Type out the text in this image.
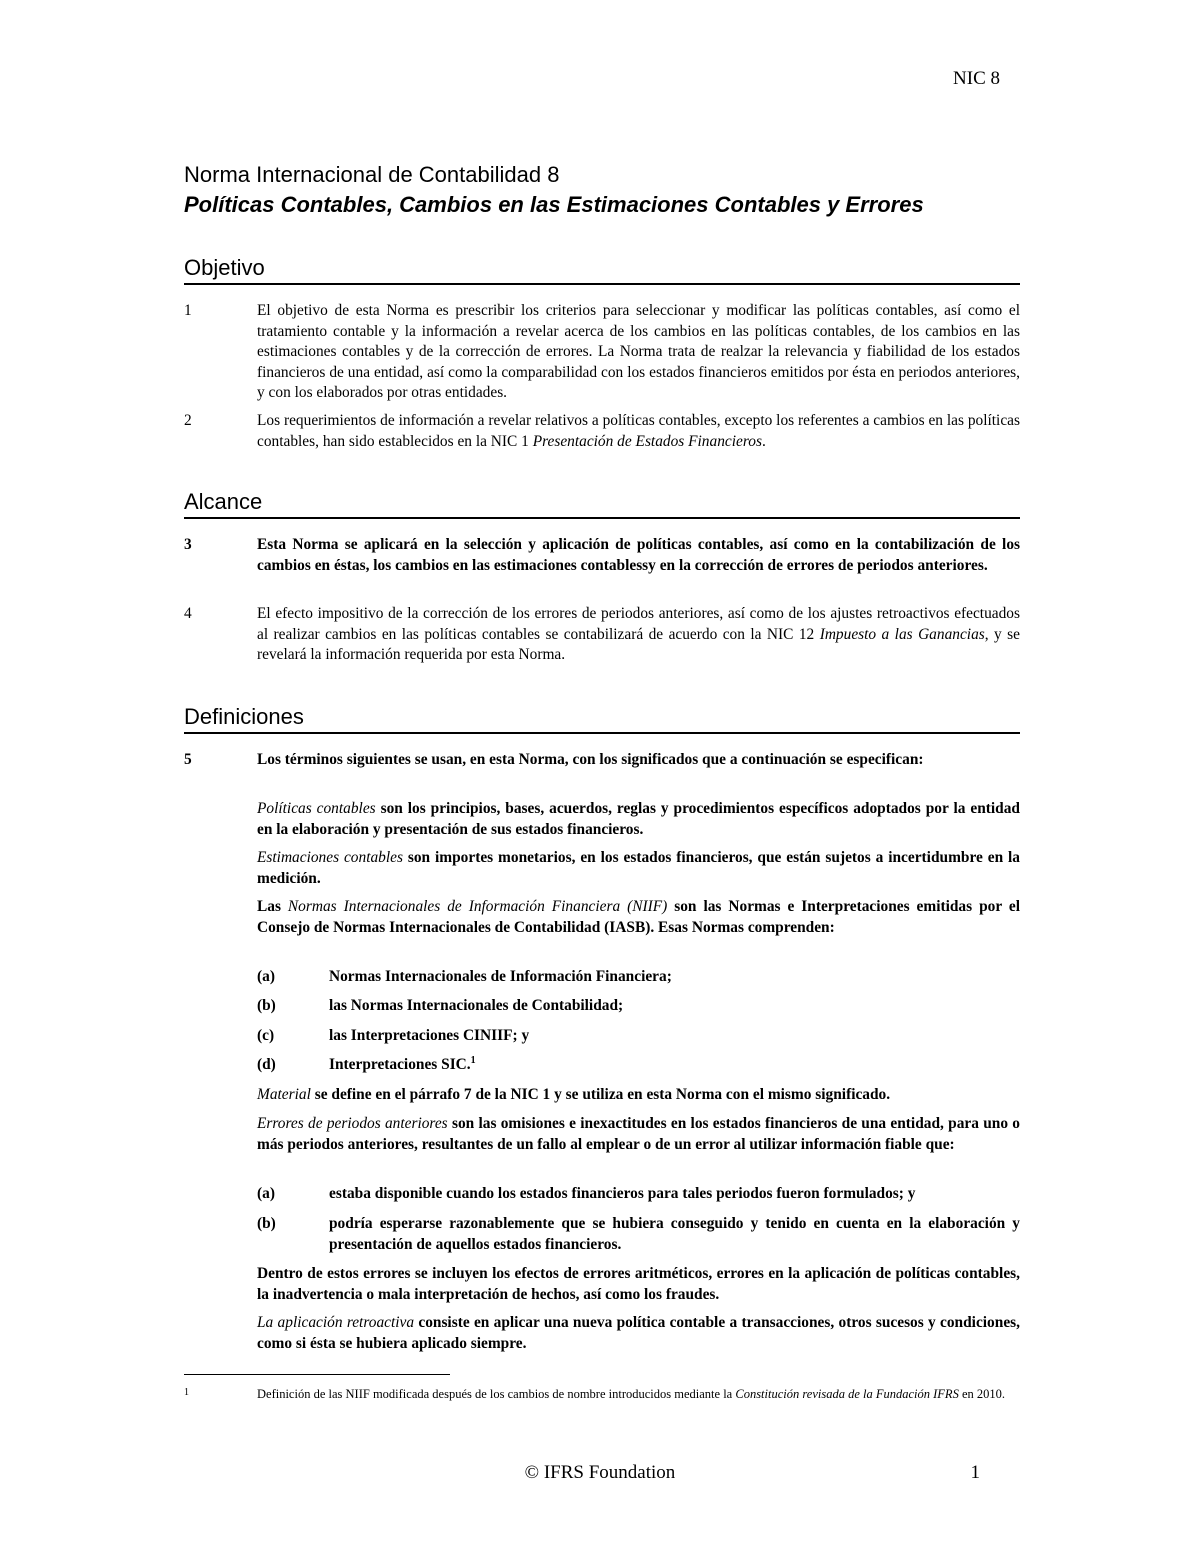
NIC 8
Norma Internacional de Contabilidad 8
Políticas Contables, Cambios en las Estimaciones Contables y Errores
Objetivo
1	El objetivo de esta Norma es prescribir los criterios para seleccionar y modificar las políticas contables, así como el tratamiento contable y la información a revelar acerca de los cambios en las políticas contables, de los cambios en las estimaciones contables y de la corrección de errores. La Norma trata de realzar la relevancia y fiabilidad de los estados financieros de una entidad, así como la comparabilidad con los estados financieros emitidos por ésta en periodos anteriores, y con los elaborados por otras entidades.
2	Los requerimientos de información a revelar relativos a políticas contables, excepto los referentes a cambios en las políticas contables, han sido establecidos en la NIC 1 Presentación de Estados Financieros.
Alcance
3	Esta Norma se aplicará en la selección y aplicación de políticas contables, así como en la contabilización de los cambios en éstas, los cambios en las estimaciones contablessy en la corrección de errores de periodos anteriores.
4	El efecto impositivo de la corrección de los errores de periodos anteriores, así como de los ajustes retroactivos efectuados al realizar cambios en las políticas contables se contabilizará de acuerdo con la NIC 12 Impuesto a las Ganancias, y se revelará la información requerida por esta Norma.
Definiciones
5	Los términos siguientes se usan, en esta Norma, con los significados que a continuación se especifican:
Políticas contables son los principios, bases, acuerdos, reglas y procedimientos específicos adoptados por la entidad en la elaboración y presentación de sus estados financieros.
Estimaciones contables son importes monetarios, en los estados financieros, que están sujetos a incertidumbre en la medición.
Las Normas Internacionales de Información Financiera (NIIF) son las Normas e Interpretaciones emitidas por el Consejo de Normas Internacionales de Contabilidad (IASB). Esas Normas comprenden:
(a)	Normas Internacionales de Información Financiera;
(b)	las Normas Internacionales de Contabilidad;
(c)	las Interpretaciones CINIIF; y
(d)	Interpretaciones SIC.$^1$
Material se define en el párrafo 7 de la NIC 1 y se utiliza en esta Norma con el mismo significado.
Errores de periodos anteriores son las omisiones e inexactitudes en los estados financieros de una entidad, para uno o más periodos anteriores, resultantes de un fallo al emplear o de un error al utilizar información fiable que:
(a)	estaba disponible cuando los estados financieros para tales periodos fueron formulados; y
(b)	podría esperarse razonablemente que se hubiera conseguido y tenido en cuenta en la elaboración y presentación de aquellos estados financieros.
Dentro de estos errores se incluyen los efectos de errores aritméticos, errores en la aplicación de políticas contables, la inadvertencia o mala interpretación de hechos, así como los fraudes.
La aplicación retroactiva consiste en aplicar una nueva política contable a transacciones, otros sucesos y condiciones, como si ésta se hubiera aplicado siempre.
1	Definición de las NIIF modificada después de los cambios de nombre introducidos mediante la Constitución revisada de la Fundación IFRS en 2010.
© IFRS Foundation	1
